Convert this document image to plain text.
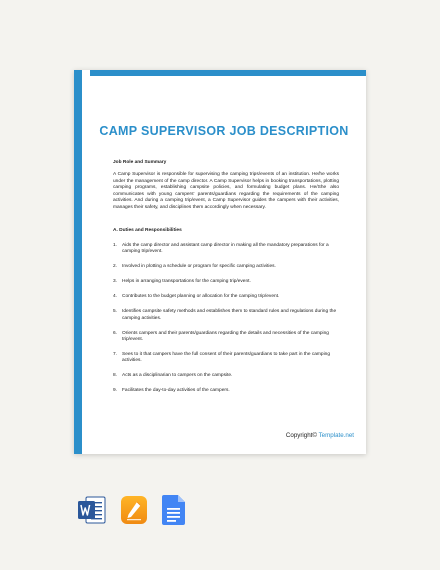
CAMP SUPERVISOR JOB DESCRIPTION
Job Role and Summary
A Camp Supervisor is responsible for supervising the camping trips/events of an institution. He/he works under the management of the camp director. A Camp Supervisor helps in booking transportations, plotting camping programs, establishing campsite policies, and formulating budget plans. He/She also communicates with young campers' parents/guardians regarding the requirements of the camping activities. And during a camping trip/event, a Camp Supervisor guides the campers with their activities, manages their safety, and disciplines them accordingly when necessary.
A. Duties and Responsibilities
1.	Aids the camp director and assistant camp director in making all the mandatory preparations for a camping trip/event.
2.	Involved in plotting a schedule or program for specific camping activities.
3.	Helps in arranging transportations for the camping trip/event.
4.	Contributes to the budget planning or allocation for the camping trip/event.
5.	Identifies campsite safety methods and establishes them to standard rules and regulations during the camping activities.
6.	Orients campers and their parents/guardians regarding the details and necessities of the camping trip/event.
7.	Sees to it that campers have the full consent of their parents/guardians to take part in the camping activities.
8.	Acts as a disciplinarian to campers on the campsite.
9.	Facilitates the day-to-day activities of the campers.
Copyright© Template.net
